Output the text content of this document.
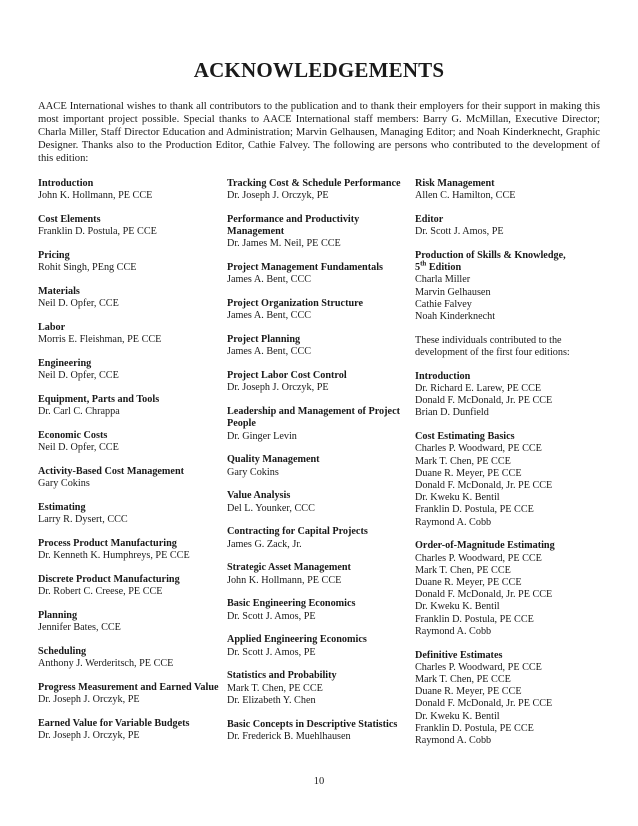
ACKNOWLEDGEMENTS
AACE International wishes to thank all contributors to the publication and to thank their employers for their support in making this most important project possible. Special thanks to AACE International staff members: Barry G. McMillan, Executive Director; Charla Miller, Staff Director Education and Administration; Marvin Gelhausen, Managing Editor; and Noah Kinderknecht, Graphic Designer. Thanks also to the Production Editor, Cathie Falvey. The following are persons who contributed to the development of this edition:
Introduction
John K. Hollmann, PE CCE
Cost Elements
Franklin D. Postula, PE CCE
Pricing
Rohit Singh, PEng CCE
Materials
Neil D. Opfer, CCE
Labor
Morris E. Fleishman, PE CCE
Engineering
Neil D. Opfer, CCE
Equipment, Parts and Tools
Dr. Carl C. Chrappa
Economic Costs
Neil D. Opfer, CCE
Activity-Based Cost Management
Gary Cokins
Estimating
Larry R. Dysert, CCC
Process Product Manufacturing
Dr. Kenneth K. Humphreys, PE CCE
Discrete Product Manufacturing
Dr. Robert C. Creese, PE CCE
Planning
Jennifer Bates, CCE
Scheduling
Anthony J. Werderitsch, PE CCE
Progress Measurement and Earned Value
Dr. Joseph J. Orczyk, PE
Earned Value for Variable Budgets
Dr. Joseph J. Orczyk, PE
Tracking Cost & Schedule Performance
Dr. Joseph J. Orczyk, PE
Performance and Productivity Management
Dr. James M. Neil, PE CCE
Project Management Fundamentals
James A. Bent, CCC
Project Organization Structure
James A. Bent, CCC
Project Planning
James A. Bent, CCC
Project Labor Cost Control
Dr. Joseph J. Orczyk, PE
Leadership and Management of Project People
Dr. Ginger Levin
Quality Management
Gary Cokins
Value Analysis
Del L. Younker, CCC
Contracting for Capital Projects
James G. Zack, Jr.
Strategic Asset Management
John K. Hollmann, PE CCE
Basic Engineering Economics
Dr. Scott J. Amos, PE
Applied Engineering Economics
Dr. Scott J. Amos, PE
Statistics and Probability
Mark T. Chen, PE CCE
Dr. Elizabeth Y. Chen
Basic Concepts in Descriptive Statistics
Dr. Frederick B. Muehlhausen
Risk Management
Allen C. Hamilton, CCE
Editor
Dr. Scott J. Amos, PE
Production of Skills & Knowledge,
5th Edition
Charla Miller
Marvin Gelhausen
Cathie Falvey
Noah Kinderknecht
These individuals contributed to the development of the first four editions:
Introduction
Dr. Richard E. Larew, PE CCE
Donald F. McDonald, Jr. PE CCE
Brian D. Dunfield
Cost Estimating Basics
Charles P. Woodward, PE CCE
Mark T. Chen, PE CCE
Duane R. Meyer, PE CCE
Donald F. McDonald, Jr. PE CCE
Dr. Kweku K. Bentil
Franklin D. Postula, PE CCE
Raymond A. Cobb
Order-of-Magnitude Estimating
Charles P. Woodward, PE CCE
Mark T. Chen, PE CCE
Duane R. Meyer, PE CCE
Donald F. McDonald, Jr. PE CCE
Dr. Kweku K. Bentil
Franklin D. Postula, PE CCE
Raymond A. Cobb
Definitive Estimates
Charles P. Woodward, PE CCE
Mark T. Chen, PE CCE
Duane R. Meyer, PE CCE
Donald F. McDonald, Jr. PE CCE
Dr. Kweku K. Bentil
Franklin D. Postula, PE CCE
Raymond A. Cobb
10
